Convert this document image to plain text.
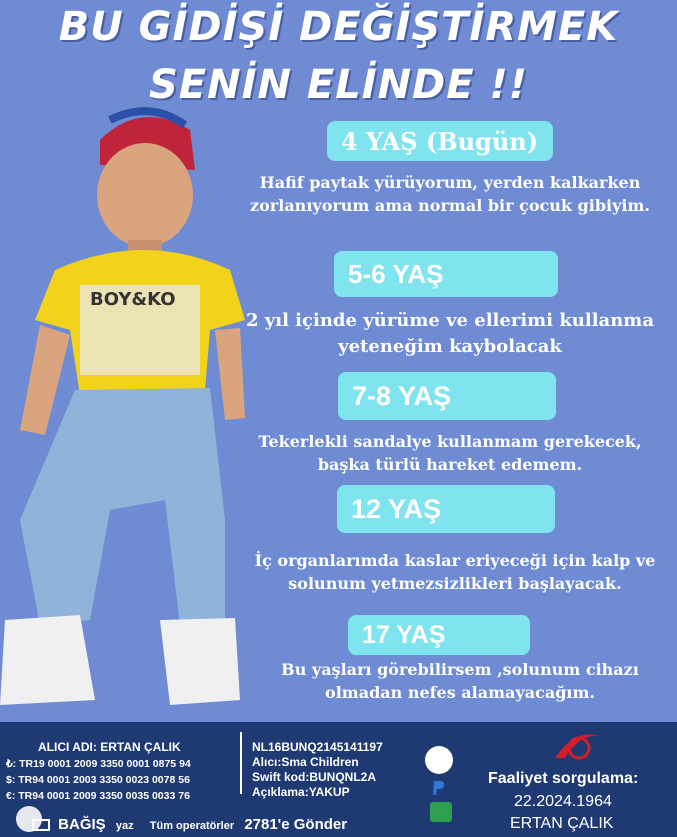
BU GİDİŞİ DEĞİŞTİRMEK
SENİN ELİNDE !!
BOY&KO
4 YAŞ (Bugün)
Hafif paytak yürüyorum, yerden kalkarken zorlanıyorum ama normal bir çocuk gibiyim.
5-6 YAŞ
2 yıl içinde yürüme ve ellerimi kullanma yeteneğim kaybolacak
7-8 YAŞ
Tekerlekli sandalye kullanmam gerekecek, başka türlü hareket edemem.
12 YAŞ
İç organlarımda kaslar eriyeceği için kalp ve solunum yetmezsizlikleri başlayacak.
17 YAŞ
Bu yaşları görebilirsem ,solunum cihazı olmadan nefes alamayacağım.
ALICI ADI: ERTAN ÇALIK
₺: TR19 0001 2009 3350 0001 0875 94
$: TR94 0001 2003 3350 0023 0078 56
€: TR94 0001 2009 3350 0035 0033 76
NL16BUNQ2145141197
Alıcı:Sma Children
Swift kod:BUNQNL2A
Açıklama:YAKUP
Faaliyet sorgulama:
22.2024.1964
ERTAN ÇALIK
BAĞIŞ yaz Tüm operatörler 2781'e Gönder
